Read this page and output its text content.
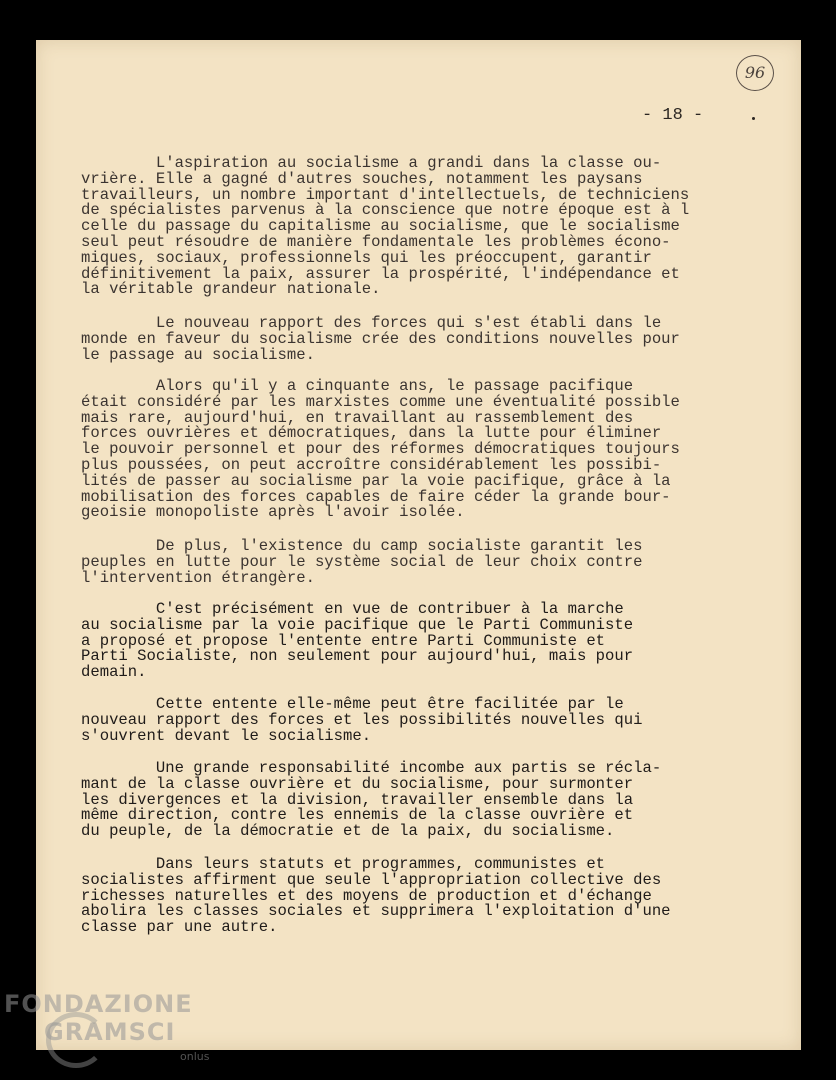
96
- 18 -

L'aspiration au socialisme a grandi dans la classe ou-
vrière. Elle a gagné d'autres souches, notamment les paysans
travailleurs, un nombre important d'intellectuels, de techniciens
de spécialistes parvenus à la conscience que notre époque est à l
celle du passage du capitalisme au socialisme, que le socialisme
seul peut résoudre de manière fondamentale les problèmes écono-
miques, sociaux, professionnels qui les préoccupent, garantir
définitivement la paix, assurer la prospérité, l'indépendance et
la véritable grandeur nationale.

Le nouveau rapport des forces qui s'est établi dans le
monde en faveur du socialisme crée des conditions nouvelles pour
le passage au socialisme.

Alors qu'il y a cinquante ans, le passage pacifique
était considéré par les marxistes comme une éventualité possible
mais rare, aujourd'hui, en travaillant au rassemblement des
forces ouvrières et démocratiques, dans la lutte pour éliminer
le pouvoir personnel et pour des réformes démocratiques toujours
plus poussées, on peut accroître considérablement les possibi-
lités de passer au socialisme par la voie pacifique, grâce à la
mobilisation des forces capables de faire céder la grande bour-
geoisie monopoliste après l'avoir isolée.

De plus, l'existence du camp socialiste garantit les
peuples en lutte pour le système social de leur choix contre
l'intervention étrangère.

C'est précisément en vue de contribuer à la marche
au socialisme par la voie pacifique que le Parti Communiste
a proposé et propose l'entente entre Parti Communiste et
Parti Socialiste, non seulement pour aujourd'hui, mais pour
demain.

Cette entente elle-même peut être facilitée par le
nouveau rapport des forces et les possibilités nouvelles qui
s'ouvrent devant le socialisme.

Une grande responsabilité incombe aux partis se récla-
mant de la classe ouvrière et du socialisme, pour surmonter
les divergences et la division, travailler ensemble dans la
même direction, contre les ennemis de la classe ouvrière et
du peuple, de la démocratie et de la paix, du socialisme.

Dans leurs statuts et programmes, communistes et
socialistes affirment que seule l'appropriation collective des
richesses naturelles et des moyens de production et d'échange
abolira les classes sociales et supprimera l'exploitation d'une
classe par une autre.

FONDAZIONE
GRAMSCI
onlus
